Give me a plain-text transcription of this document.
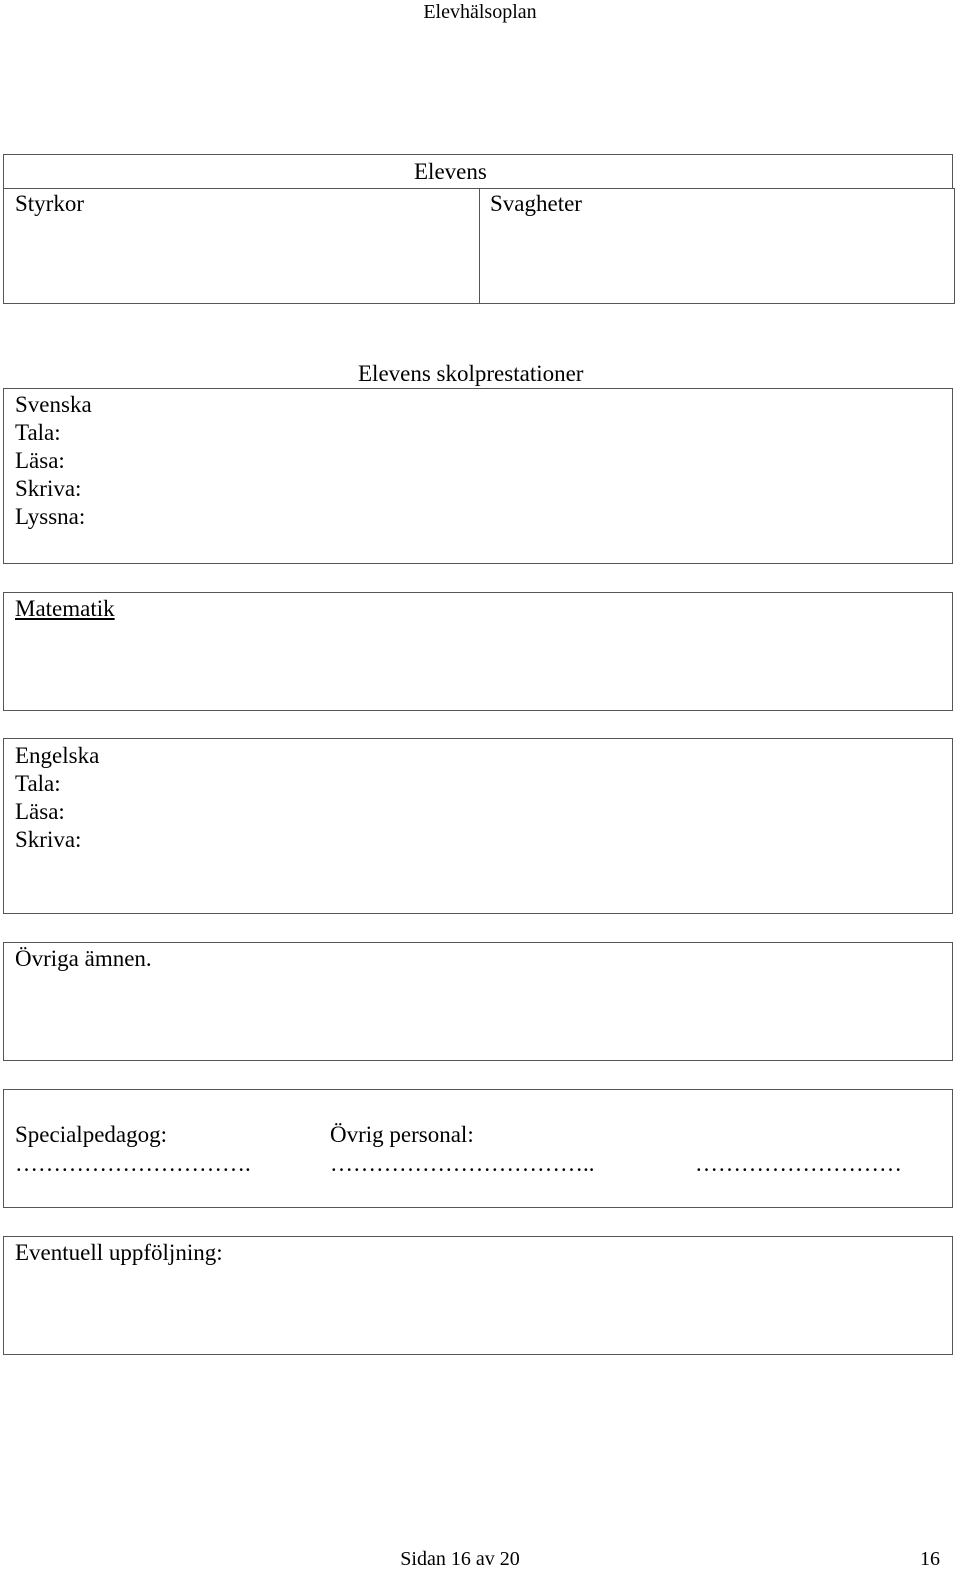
Elevhälsoplan
Elevens
Styrkor	Svagheter
Elevens skolprestationer
Svenska
Tala:
Läsa:
Skriva:
Lyssna:
Matematik
Engelska
Tala:
Läsa:
Skriva:
Övriga ämnen.
Specialpedagog:	Övrig personal:
………………………….	……………………………..	………………………
Eventuell uppföljning:
Sidan 16 av 20	16
